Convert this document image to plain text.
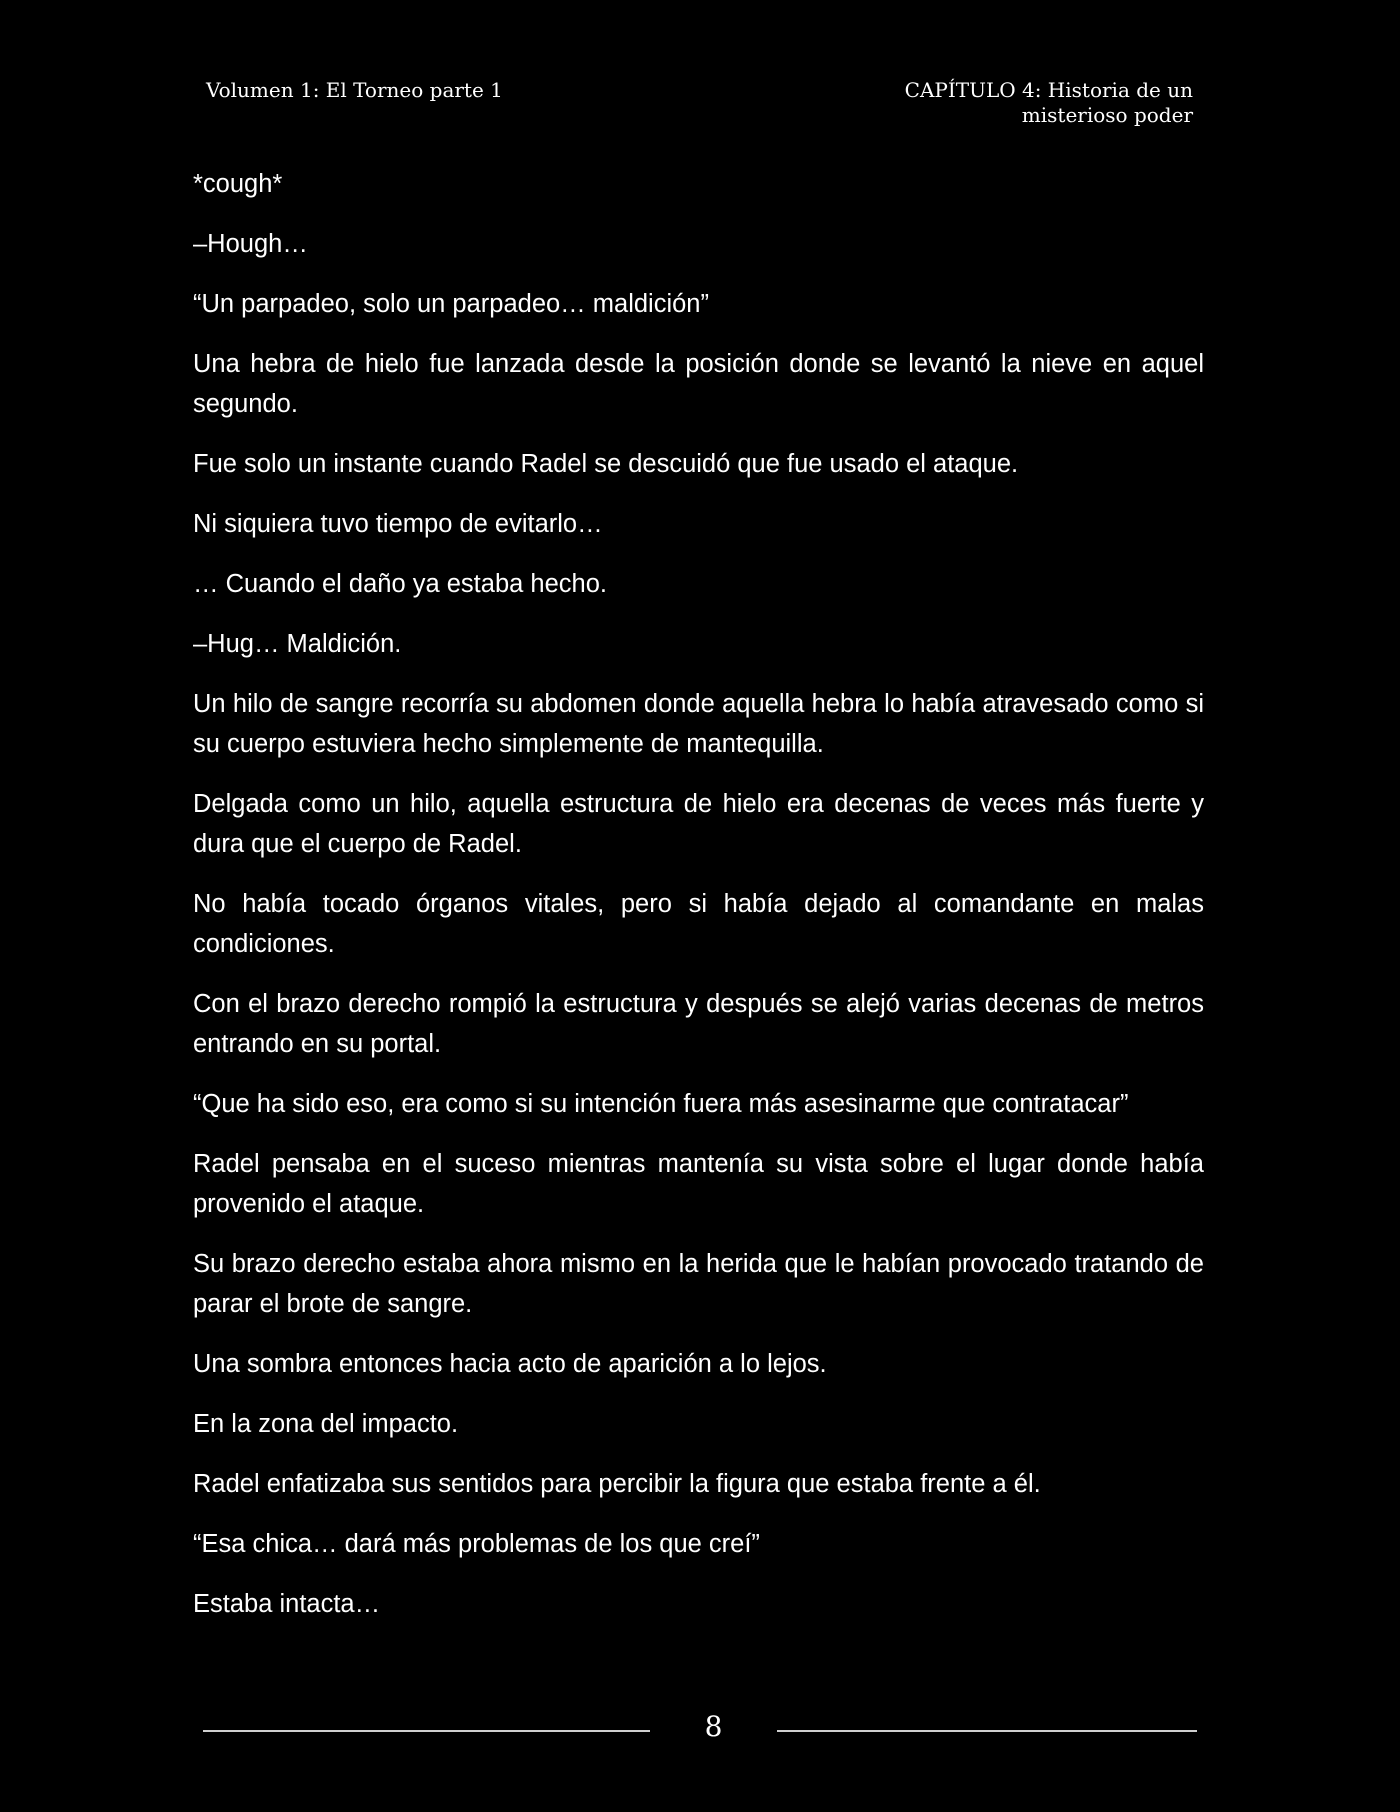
Volumen 1: El Torneo parte 1	CAPÍTULO 4: Historia de un misterioso poder

*cough*

–Hough…

“Un parpadeo, solo un parpadeo… maldición”

Una hebra de hielo fue lanzada desde la posición donde se levantó la nieve en aquel segundo.

Fue solo un instante cuando Radel se descuidó que fue usado el ataque.

Ni siquiera tuvo tiempo de evitarlo…

… Cuando el daño ya estaba hecho.

–Hug… Maldición.

Un hilo de sangre recorría su abdomen donde aquella hebra lo había atravesado como si su cuerpo estuviera hecho simplemente de mantequilla.

Delgada como un hilo, aquella estructura de hielo era decenas de veces más fuerte y dura que el cuerpo de Radel.

No había tocado órganos vitales, pero si había dejado al comandante en malas condiciones.

Con el brazo derecho rompió la estructura y después se alejó varias decenas de metros entrando en su portal.

“Que ha sido eso, era como si su intención fuera más asesinarme que contratacar”

Radel pensaba en el suceso mientras mantenía su vista sobre el lugar donde había provenido el ataque.

Su brazo derecho estaba ahora mismo en la herida que le habían provocado tratando de parar el brote de sangre.

Una sombra entonces hacia acto de aparición a lo lejos.

En la zona del impacto.

Radel enfatizaba sus sentidos para percibir la figura que estaba frente a él.

“Esa chica… dará más problemas de los que creí”

Estaba intacta…

8
